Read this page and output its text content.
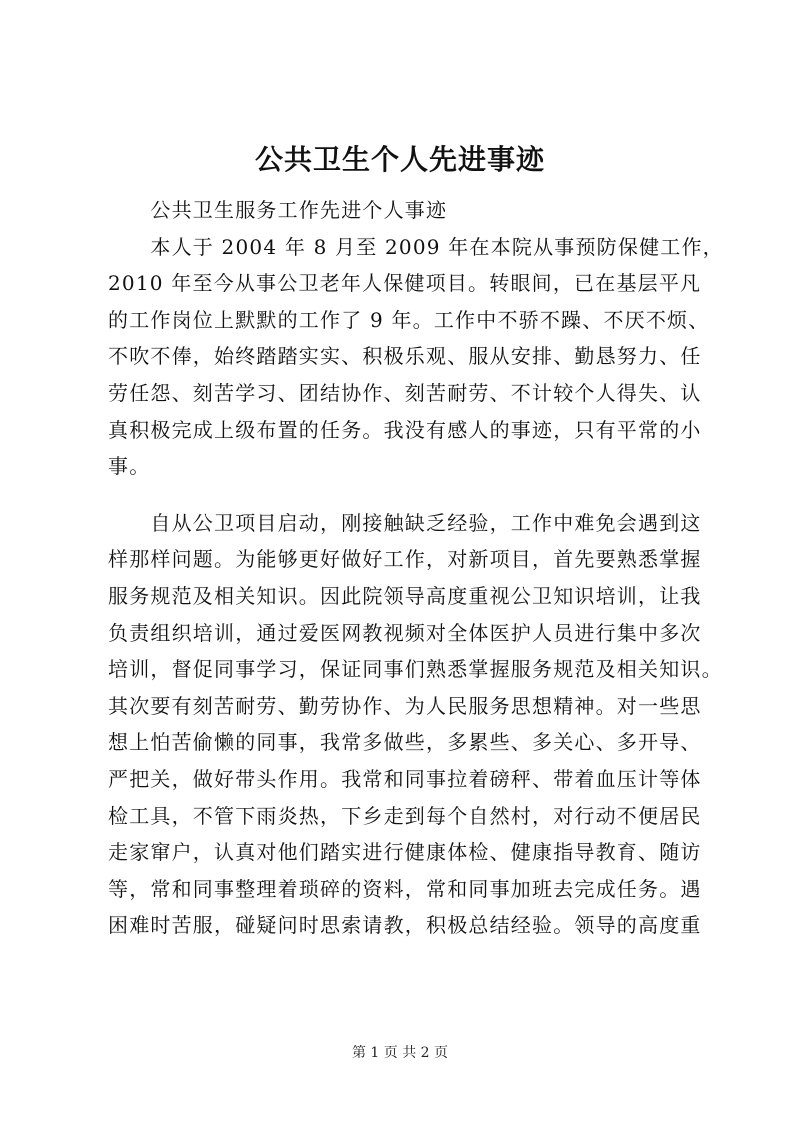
公共卫生个人先进事迹
　　公共卫生服务工作先进个人事迹
　　本人于 2004 年 8 月至 2009 年在本院从事预防保健工作，
2010 年至今从事公卫老年人保健项目。转眼间，已在基层平凡
的工作岗位上默默的工作了 9 年。工作中不骄不躁、不厌不烦、
不吹不俸，始终踏踏实实、积极乐观、服从安排、勤恳努力、任
劳任怨、刻苦学习、团结协作、刻苦耐劳、不计较个人得失、认
真积极完成上级布置的任务。我没有感人的事迹，只有平常的小
事。
　　自从公卫项目启动，刚接触缺乏经验，工作中难免会遇到这
样那样问题。为能够更好做好工作，对新项目，首先要熟悉掌握
服务规范及相关知识。因此院领导高度重视公卫知识培训，让我
负责组织培训，通过爱医网教视频对全体医护人员进行集中多次
培训，督促同事学习，保证同事们熟悉掌握服务规范及相关知识。
其次要有刻苦耐劳、勤劳协作、为人民服务思想精神。对一些思
想上怕苦偷懒的同事，我常多做些，多累些、多关心、多开导、
严把关，做好带头作用。我常和同事拉着磅秤、带着血压计等体
检工具，不管下雨炎热，下乡走到每个自然村，对行动不便居民
走家窜户，认真对他们踏实进行健康体检、健康指导教育、随访
等，常和同事整理着琐碎的资料，常和同事加班去完成任务。遇
困难时苦服，碰疑问时思索请教，积极总结经验。领导的高度重
第 1 页 共 2 页
